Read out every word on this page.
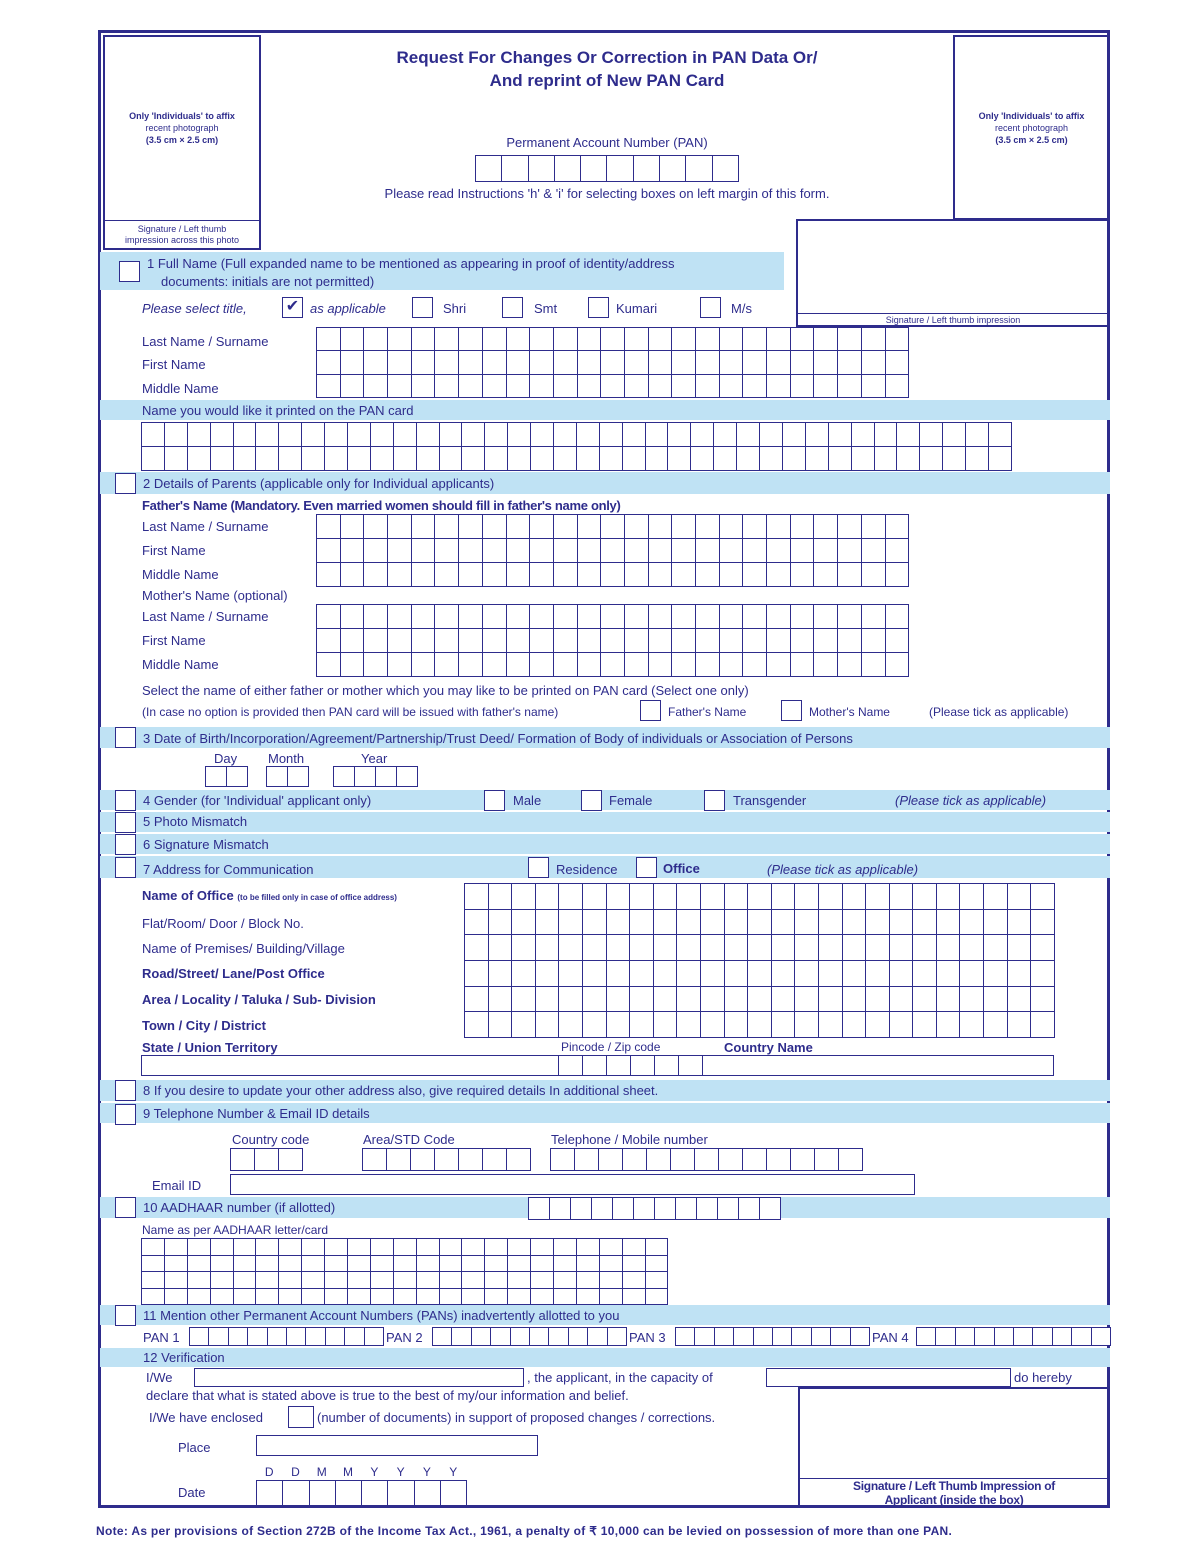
Only 'Individuals' to affix
recent photograph
(3.5 cm × 2.5 cm)
Signature / Left thumb
impression across this photo
Only 'Individuals' to affix
recent photograph
(3.5 cm × 2.5 cm)
Signature / Left thumb impression
Request For Changes Or Correction in PAN Data Or/
And reprint of New PAN Card
Permanent Account Number (PAN)
Please read Instructions 'h' & 'i' for selecting boxes on left margin of this form.
1 Full Name (Full expanded name to be mentioned as appearing in proof of identity/address
documents: initials are not permitted)
Please select title, ✔ as applicable	Shri	Smt	Kumari	M/s
Last Name / Surname
First Name
Middle Name
Name you would like it printed on the PAN card
2 Details of Parents (applicable only for Individual applicants)
Father's Name (Mandatory. Even married women should fill in father's name only)
Last Name / Surname
First Name
Middle Name
Mother's Name (optional)
Last Name / Surname
First Name
Middle Name
Select the name of either father or mother which you may like to be printed on PAN card (Select one only)
(In case no option is provided then PAN card will be issued with father's name)	Father's Name	Mother's Name	(Please tick as applicable)
3 Date of Birth/Incorporation/Agreement/Partnership/Trust Deed/ Formation of Body of individuals or Association of Persons
Day Month	Year
4 Gender (for 'Individual' applicant only)	Male	Female	Transgender	(Please tick as applicable)
5 Photo Mismatch
6 Signature Mismatch
7 Address for Communication	Residence	Office	(Please tick as applicable)
Name of Office (to be filled only in case of office address)
Flat/Room/ Door / Block No.
Name of Premises/ Building/Village
Road/Street/ Lane/Post Office
Area / Locality / Taluka / Sub- Division
Town / City / District
State / Union Territory	Pincode / Zip code	Country Name
8 If you desire to update your other address also, give required details In additional sheet.
9 Telephone Number & Email ID details
Country code	Area/STD Code	Telephone / Mobile number
Email ID
10 AADHAAR number (if allotted)
Name as per AADHAAR letter/card
11 Mention other Permanent Account Numbers (PANs) inadvertently allotted to you
PAN 1	PAN 2	PAN 3	PAN 4
12 Verification
I/We	, the applicant, in the capacity of	do hereby
declare that what is stated above is true to the best of my/our information and belief.
I/We have enclosed	(number of documents) in support of proposed changes / corrections.
Place
D	D	M	M	Y	Y	Y	Y
Date	Signature / Left Thumb Impression of
Applicant (inside the box)
Note: As per provisions of Section 272B of the Income Tax Act., 1961, a penalty of ₹ 10,000 can be levied on possession of more than one PAN.
